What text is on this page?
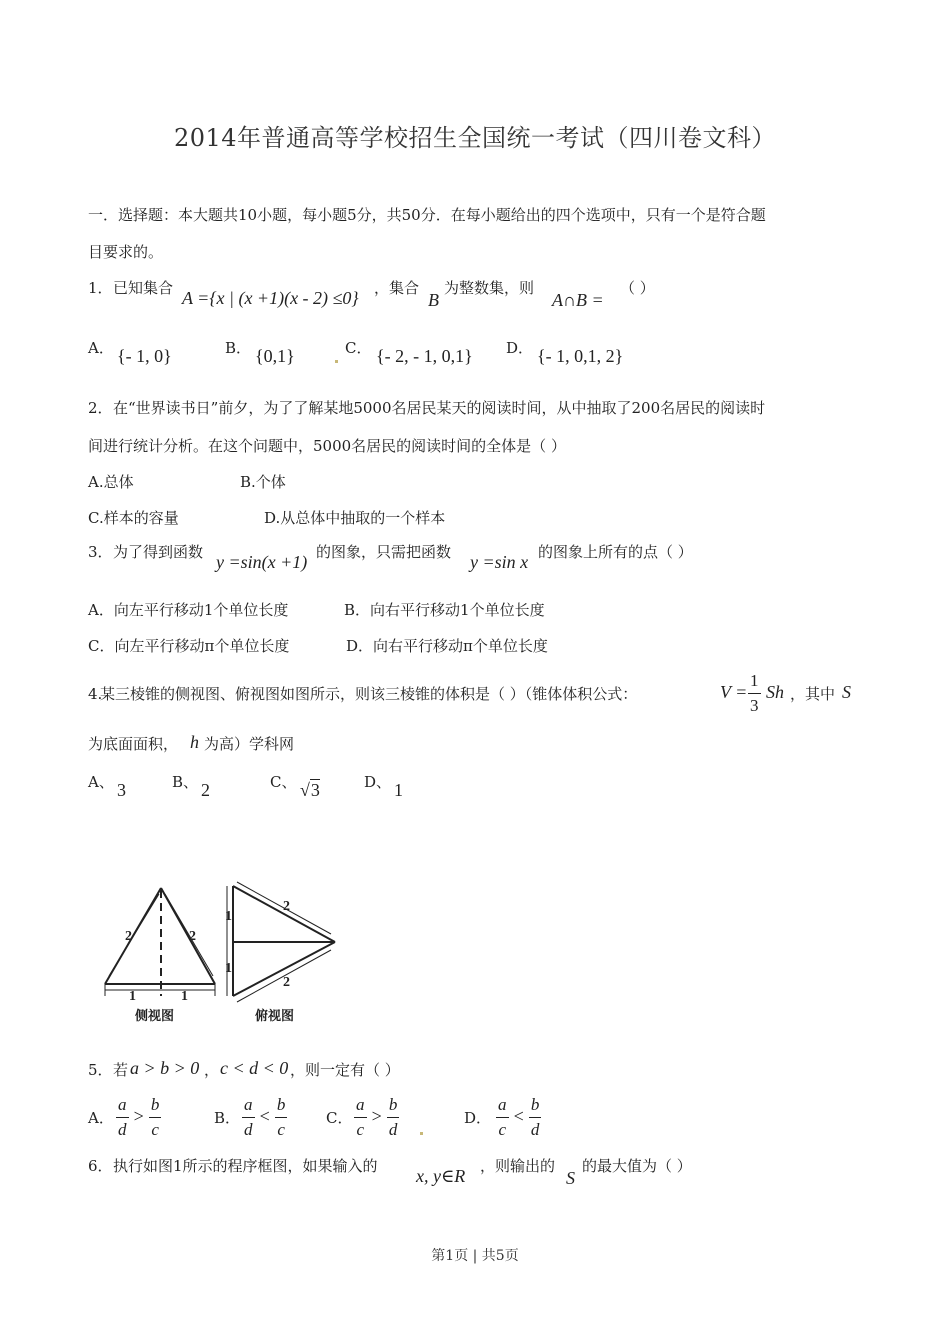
2014年普通高等学校招生全国统一考试（四川卷文科）
一．选择题：本大题共10小题，每小题5分，共50分．在每小题给出的四个选项中，只有一个是符合题
目要求的。
1． 已知集合 A ={x | (x +1)(x - 2) ≤0} ，集合
B
为整数集，则
A∩B =
（ ）
A． {- 1, 0}	B． {0,1}	C． {- 2, - 1, 0,1} D． {- 1, 0,1, 2}
2． 在“世界读书日”前夕，为了了解某地5000名居民某天的阅读时间，从中抽取了200名居民的阅读时
间进行统计分析。在这个问题中，5000名居民的阅读时间的全体是（ ）
A.总体	B.个体
C.样本的容量	D.从总体中抽取的一个样本
3． 为了得到函数 y =sin(x +1) 的图象，只需把函数 y =sin x 的图象上所有的点（ ）
A．向左平行移动1个单位长度	B．向右平行移动1个单位长度
C．向左平行移动π个单位长度	D．向右平行移动π个单位长度
4.
某三棱锥的侧视图、俯视图如图所示，则该三棱锥的体积是（ ）（锥体体积公式：	$V = \frac{1}{3}$ Sh ，其中 S
为底面面积， h 为高）学科网
A、 3	B、 2	C、 √3	D、 1
2	2
1	1
侧视图
2
2
1
1
俯视图
5． 若 a > b > 0 ， c < d < 0 ，则一定有（ ）
A． $\frac{a}{d} > \frac{b}{c}$	B． $\frac{a}{d} < \frac{b}{c}$	C． $\frac{a}{c} > \frac{b}{d}$	D． $\frac{a}{c} < \frac{b}{d}$
6． 执行如图1所示的程序框图，如果输入的 x, y∈R ，则输出的
S
的最大值为（ ）
第1页 | 共5页
